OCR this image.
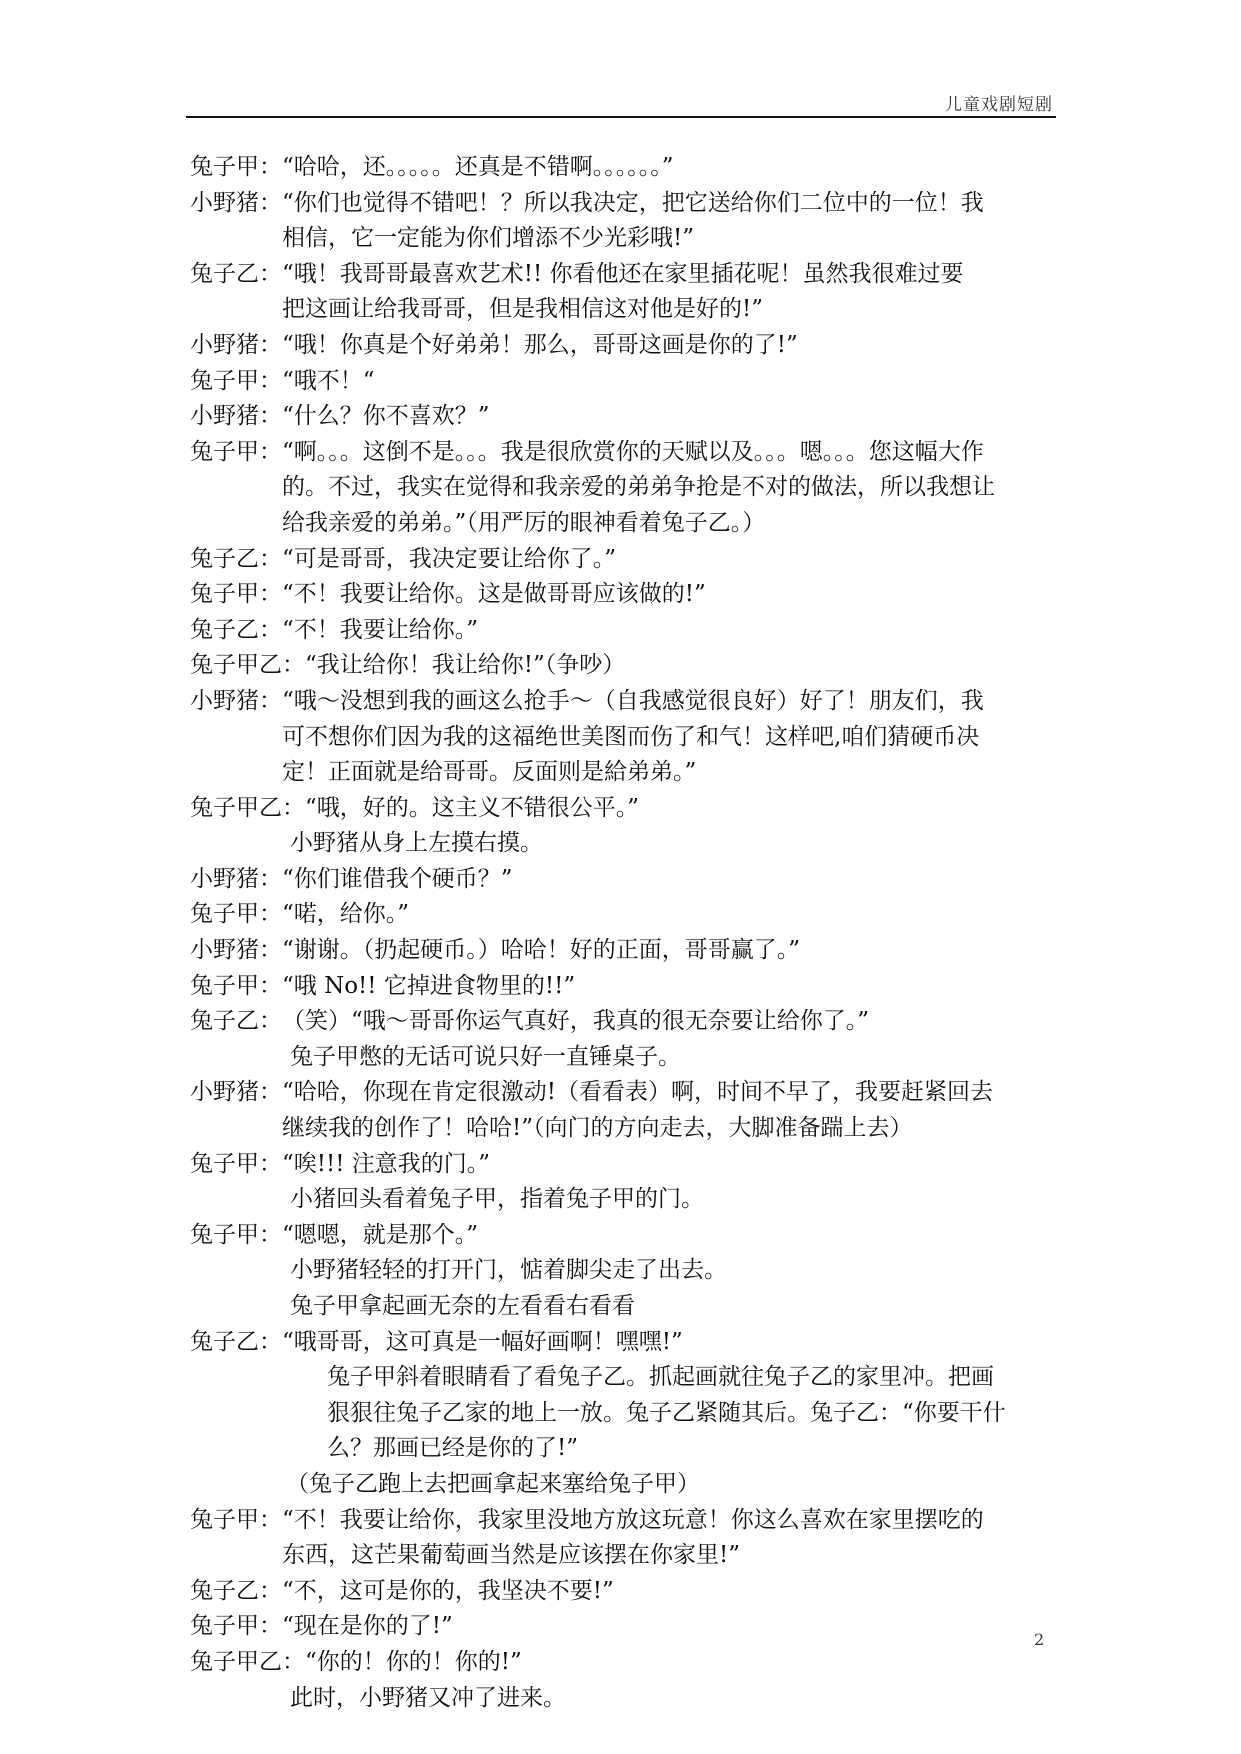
儿童戏剧短剧
兔子甲： “哈哈，还。。。。。还真是不错啊。。。。。。”
小野猪： “你们也觉得不错吧！？所以我决定，把它送给你们二位中的一位！我
相信，它一定能为你们增添不少光彩哦!”
兔子乙： “哦！我哥哥最喜欢艺术!! 你看他还在家里插花呢！虽然我很难过要
把这画让给我哥哥，但是我相信这对他是好的!”
小野猪： “哦！你真是个好弟弟！那么，哥哥这画是你的了!”
兔子甲： “哦不！“
小野猪： “什么？你不喜欢？”
兔子甲： “啊。。。这倒不是。。。我是很欣赏你的天赋以及。。。嗯。。。您这幅大作
的。不过，我实在觉得和我亲爱的弟弟争抢是不对的做法，所以我想让
给我亲爱的弟弟。”（用严厉的眼神看着兔子乙。）
兔子乙： “可是哥哥，我决定要让给你了。”
兔子甲： “不！我要让给你。这是做哥哥应该做的!”
兔子乙： “不！我要让给你。”
兔子甲乙： “我让给你！我让给你!”（争吵）
小野猪： “哦～没想到我的画这么抢手～（自我感觉很良好）好了！朋友们，我
可不想你们因为我的这福绝世美图而伤了和气！这样吧,咱们猜硬币决
定！正面就是给哥哥。反面则是給弟弟。”
兔子甲乙： “哦，好的。这主义不错很公平。”
小野猪从身上左摸右摸。
小野猪： “你们谁借我个硬币？”
兔子甲： “喏，给你。”
小野猪： “谢谢。（扔起硬币。）哈哈！好的正面，哥哥赢了。”
兔子甲： “哦 No!! 它掉进食物里的!!”
兔子乙： （笑）“哦～哥哥你运气真好，我真的很无奈要让给你了。”
兔子甲憋的无话可说只好一直锤桌子。
小野猪： “哈哈，你现在肯定很激动!（看看表）啊，时间不早了，我要赶紧回去
继续我的创作了！哈哈!”（向门的方向走去，大脚准备踹上去）
兔子甲： “唉!!! 注意我的门。”
小猪回头看着兔子甲，指着兔子甲的门。
兔子甲： “嗯嗯，就是那个。”
小野猪轻轻的打开门，惦着脚尖走了出去。
兔子甲拿起画无奈的左看看右看看
兔子乙： “哦哥哥，这可真是一幅好画啊！嘿嘿!”
兔子甲斜着眼睛看了看兔子乙。抓起画就往兔子乙的家里冲。把画
狠狠往兔子乙家的地上一放。兔子乙紧随其后。兔子乙：“你要干什
么？那画已经是你的了!”
（兔子乙跑上去把画拿起来塞给兔子甲）
兔子甲： “不！我要让给你，我家里没地方放这玩意！你这么喜欢在家里摆吃的
东西，这芒果葡萄画当然是应该摆在你家里!”
兔子乙： “不，这可是你的，我坚决不要!”
兔子甲： “现在是你的了!”
兔子甲乙： “你的！你的！你的!”
此时，小野猪又冲了进来。
2
